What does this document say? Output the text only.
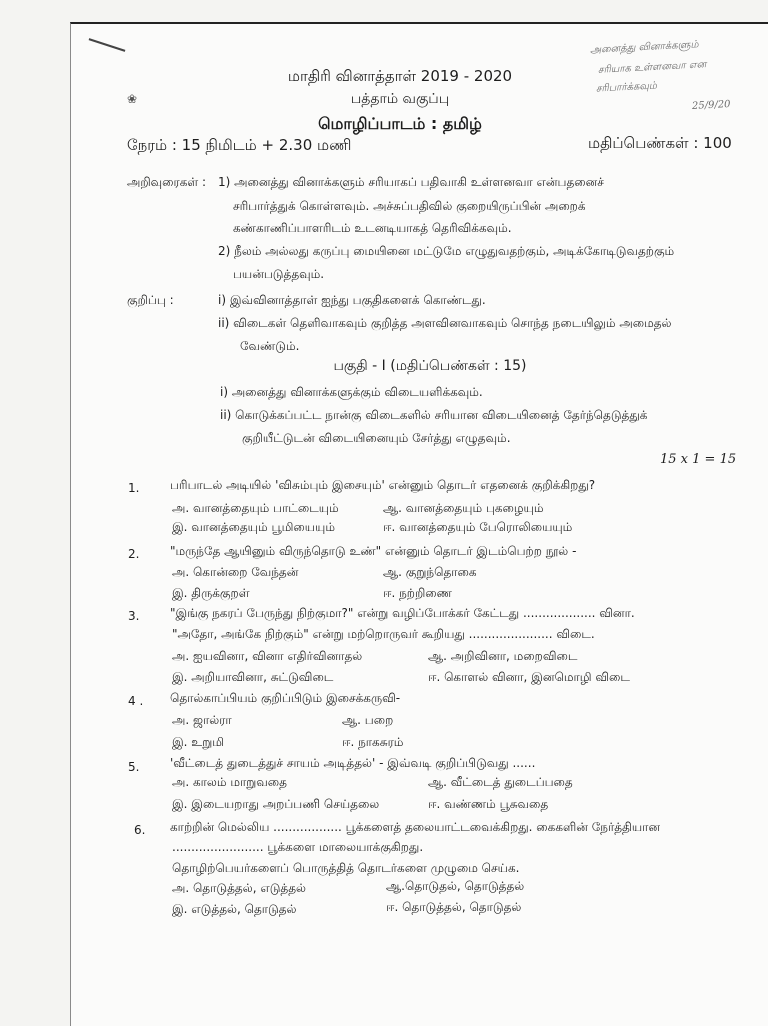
❀
அனைத்து வினாக்களும்
சரியாக உள்ளனவா என
சரிபார்க்கவும்
25/9/20
மாதிரி வினாத்தாள் 2019 - 2020
பத்தாம் வகுப்பு
மொழிப்பாடம் : தமிழ்
நேரம் : 15 நிமிடம் + 2.30 மணி	மதிப்பெண்கள் : 100
அறிவுரைகள் : 1) அனைத்து வினாக்களும் சரியாகப் பதிவாகி உள்ளனவா என்பதனைச்
சரிபார்த்துக் கொள்ளவும். அச்சுப்பதிவில் குறையிருப்பின் அறைக்
கண்காணிப்பாளரிடம் உடனடியாகத் தெரிவிக்கவும்.
2) நீலம் அல்லது கருப்பு மையினை மட்டுமே எழுதுவதற்கும், அடிக்கோடிடுவதற்கும்
பயன்படுத்தவும்.
குறிப்பு :	i) இவ்வினாத்தாள் ஐந்து பகுதிகளைக் கொண்டது.
ii) விடைகள் தெளிவாகவும் குறித்த அளவினவாகவும் சொந்த நடையிலும் அமைதல்
வேண்டும்.
பகுதி - I (மதிப்பெண்கள் : 15)
i) அனைத்து வினாக்களுக்கும் விடையளிக்கவும்.
ii) கொடுக்கப்பட்ட நான்கு விடைகளில் சரியான விடையினைத் தேர்ந்தெடுத்துக்
குறியீட்டுடன் விடையினையும் சேர்த்து எழுதவும்.
15 x 1 = 15
1.	பரிபாடல் அடியில் 'விசும்பும் இசையும்' என்னும் தொடர் எதனைக் குறிக்கிறது?
அ. வானத்தையும் பாட்டையும்	ஆ. வானத்தையும் புகழையும்
இ. வானத்தையும் பூமியையும்	ஈ. வானத்தையும் பேரொலியையும்
2.	"மருந்தே ஆயினும் விருந்தொடு உண்" என்னும் தொடர் இடம்பெற்ற நூல் -
அ. கொன்றை வேந்தன்	ஆ. குறுந்தொகை
இ. திருக்குறள்	ஈ. நற்றிணை
3.	"இங்கு நகரப் பேருந்து நிற்குமா?" என்று வழிப்போக்கர் கேட்டது ................... வினா.
"அதோ, அங்கே நிற்கும்" என்று மற்றொருவர் கூறியது ...................... விடை.
அ. ஐயவினா, வினா எதிர்வினாதல்	ஆ. அறிவினா, மறைவிடை
இ. அறியாவினா, சுட்டுவிடை	ஈ. கொளல் வினா, இனமொழி விடை
4 . தொல்காப்பியம் குறிப்பிடும் இசைக்கருவி-
அ. ஜால்ரா	ஆ. பறை
இ. உறுமி	ஈ. நாகசுரம்
5.	'வீட்டைத் துடைத்துச் சாயம் அடித்தல்' - இவ்வடி குறிப்பிடுவது ......
அ. காலம் மாறுவதை	ஆ. வீட்டைத் துடைப்பதை
இ. இடையறாது அறப்பணி செய்தலை	ஈ. வண்ணம் பூசுவதை
6. காற்றின் மெல்லிய .................. பூக்களைத் தலையாட்டவைக்கிறது. கைகளின் நேர்த்தியான
........................ பூக்களை மாலையாக்குகிறது.
தொழிற்பெயர்களைப் பொருத்தித் தொடர்களை முழுமை செய்க.
அ. தொடுத்தல், எடுத்தல்	ஆ.தொடுதல், தொடுத்தல்
இ. எடுத்தல், தொடுதல்	ஈ. தொடுத்தல், தொடுதல்
